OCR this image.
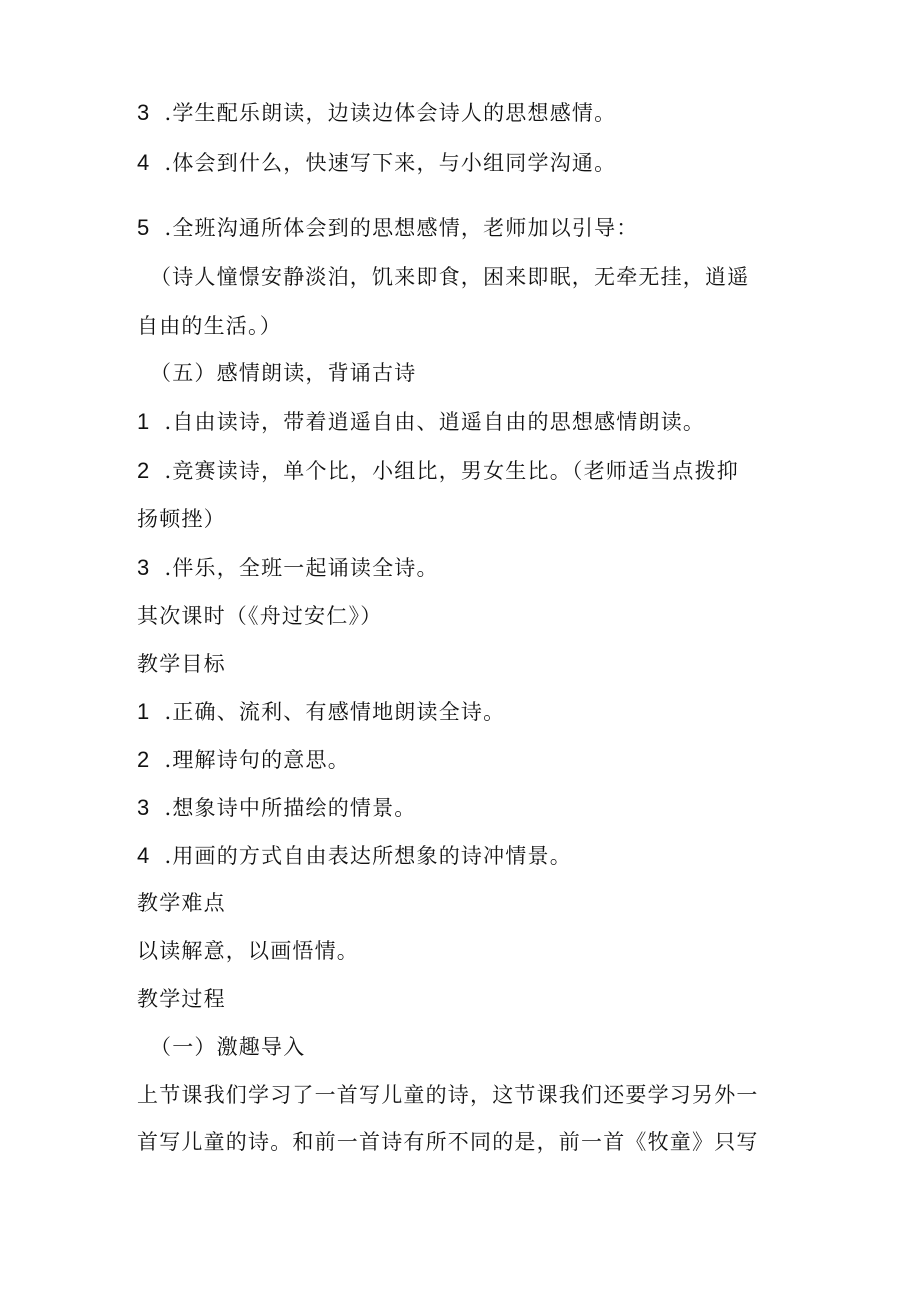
3 .学生配乐朗读，边读边体会诗人的思想感情。
4 .体会到什么，快速写下来，与小组同学沟通。
5 .全班沟通所体会到的思想感情，老师加以引导：
（诗人憧憬安静淡泊，饥来即食，困来即眠，无牵无挂，逍遥
自由的生活。）
（五）感情朗读，背诵古诗
1 .自由读诗，带着逍遥自由、逍遥自由的思想感情朗读。
2 .竞赛读诗，单个比，小组比，男女生比。（老师适当点拨抑
扬顿挫）
3 .伴乐，全班一起诵读全诗。
其次课时（《舟过安仁》）
教学目标
1 .正确、流利、有感情地朗读全诗。
2 .理解诗句的意思。
3 .想象诗中所描绘的情景。
4 .用画的方式自由表达所想象的诗冲情景。
教学难点
以读解意，以画悟情。
教学过程
（一）激趣导入
上节课我们学习了一首写儿童的诗，这节课我们还要学习另外一
首写儿童的诗。和前一首诗有所不同的是，前一首《牧童》只写
